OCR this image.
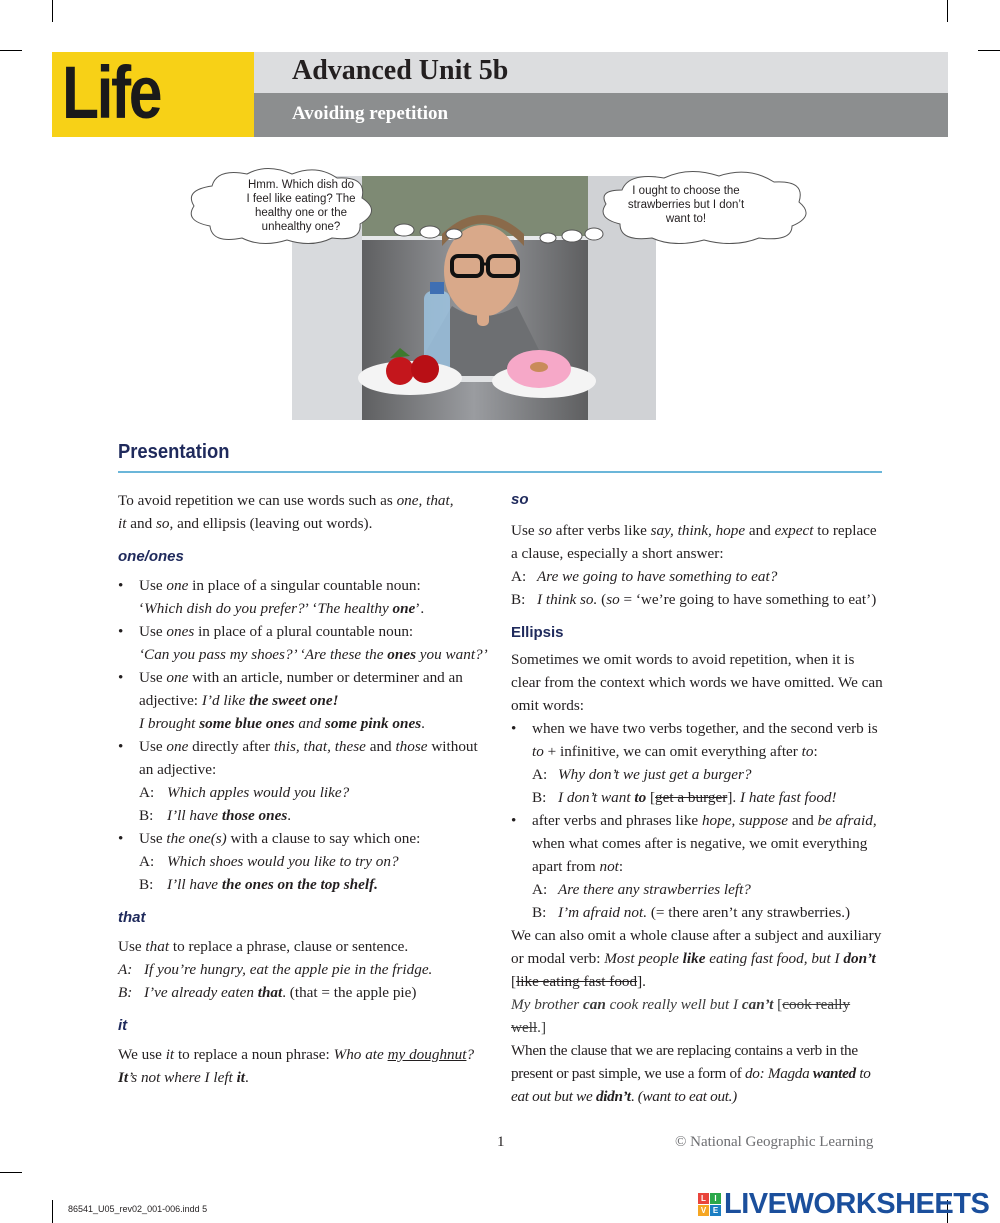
Life	Advanced Unit 5b
Avoiding repetition
Hmm. Which dish do
I feel like eating? The
healthy one or the
unhealthy one?
I ought to choose the
strawberries but I don’t
want to!
Presentation

To avoid repetition we can use words such as one, that,
it and so, and ellipsis (leaving out words).

one/ones

• Use one in place of a singular countable noun:
‘Which dish do you prefer?’ ‘The healthy one’.
• Use ones in place of a plural countable noun:
‘Can you pass my shoes?’ ‘Are these the ones you want?’
• Use one with an article, number or determiner and an adjective: I’d like the sweet one!
I brought some blue ones and some pink ones.
• Use one directly after this, that, these and those without an adjective:
A: Which apples would you like?
B: I’ll have those ones.
• Use the one(s) with a clause to say which one:
A: Which shoes would you like to try on?
B: I’ll have the ones on the top shelf.

that

Use that to replace a phrase, clause or sentence.

A: If you’re hungry, eat the apple pie in the fridge.
B: I’ve already eaten that. (that = the apple pie)

it

We use it to replace a noun phrase: Who ate my doughnut? It’s not where I left it.

so

Use so after verbs like say, think, hope and expect to replace a clause, especially a short answer:

A: Are we going to have something to eat?
B: I think so. (so = ‘we’re going to have something to eat’)

Ellipsis

Sometimes we omit words to avoid repetition, when it is clear from the context which words we have omitted. We can omit words:

• when we have two verbs together, and the second verb is to + infinitive, we can omit everything after to:
A: Why don’t we just get a burger?
B: I don’t want to [get a burger]. I hate fast food!
• after verbs and phrases like hope, suppose and be afraid, when what comes after is negative, we omit everything apart from not:
A: Are there any strawberries left?
B: I’m afraid not. (= there aren’t any strawberries.)

We can also omit a whole clause after a subject and auxiliary or modal verb: Most people like eating fast food, but I don’t [like eating fast food].

My brother can cook really well but I can’t [cook really well.]

When the clause that we are replacing contains a verb in the present or past simple, we use a form of do: Magda wanted to eat out but we didn’t. (want to eat out.)

1	© National Geographic Learning
86541_U05_rev02_001-006.indd 5
L	I
V E LIVEWORKSHEETS
